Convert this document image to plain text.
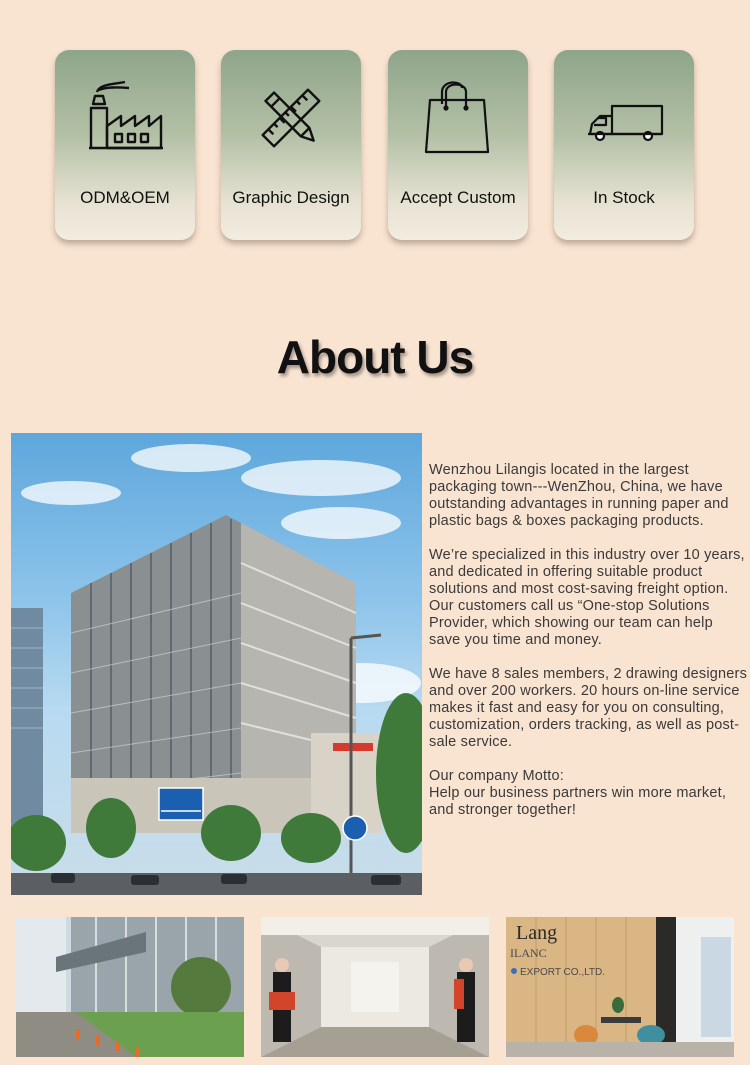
ODM&OEM	Graphic Design	Accept Custom	In Stock
About Us

Wenzhou Lilangis located in the largest packaging town---WenZhou, China, we have outstanding advantages in running paper and plastic bags & boxes packaging products.

We’re specialized in this industry over 10 years, and dedicated in offering suitable product solutions and most cost-saving freight option. Our customers call us “One-stop Solutions Provider, which showing our team can help save you time and money.

We have 8 sales members, 2 drawing designers and over 200 workers. 20 hours on-line service makes it fast and easy for you on consulting, customization, orders tracking, as well as post-sale service.

Our company Motto:
Help our business partners win more market, and stronger together!
Lang
ILANC
EXPORT CO.,LTD.
